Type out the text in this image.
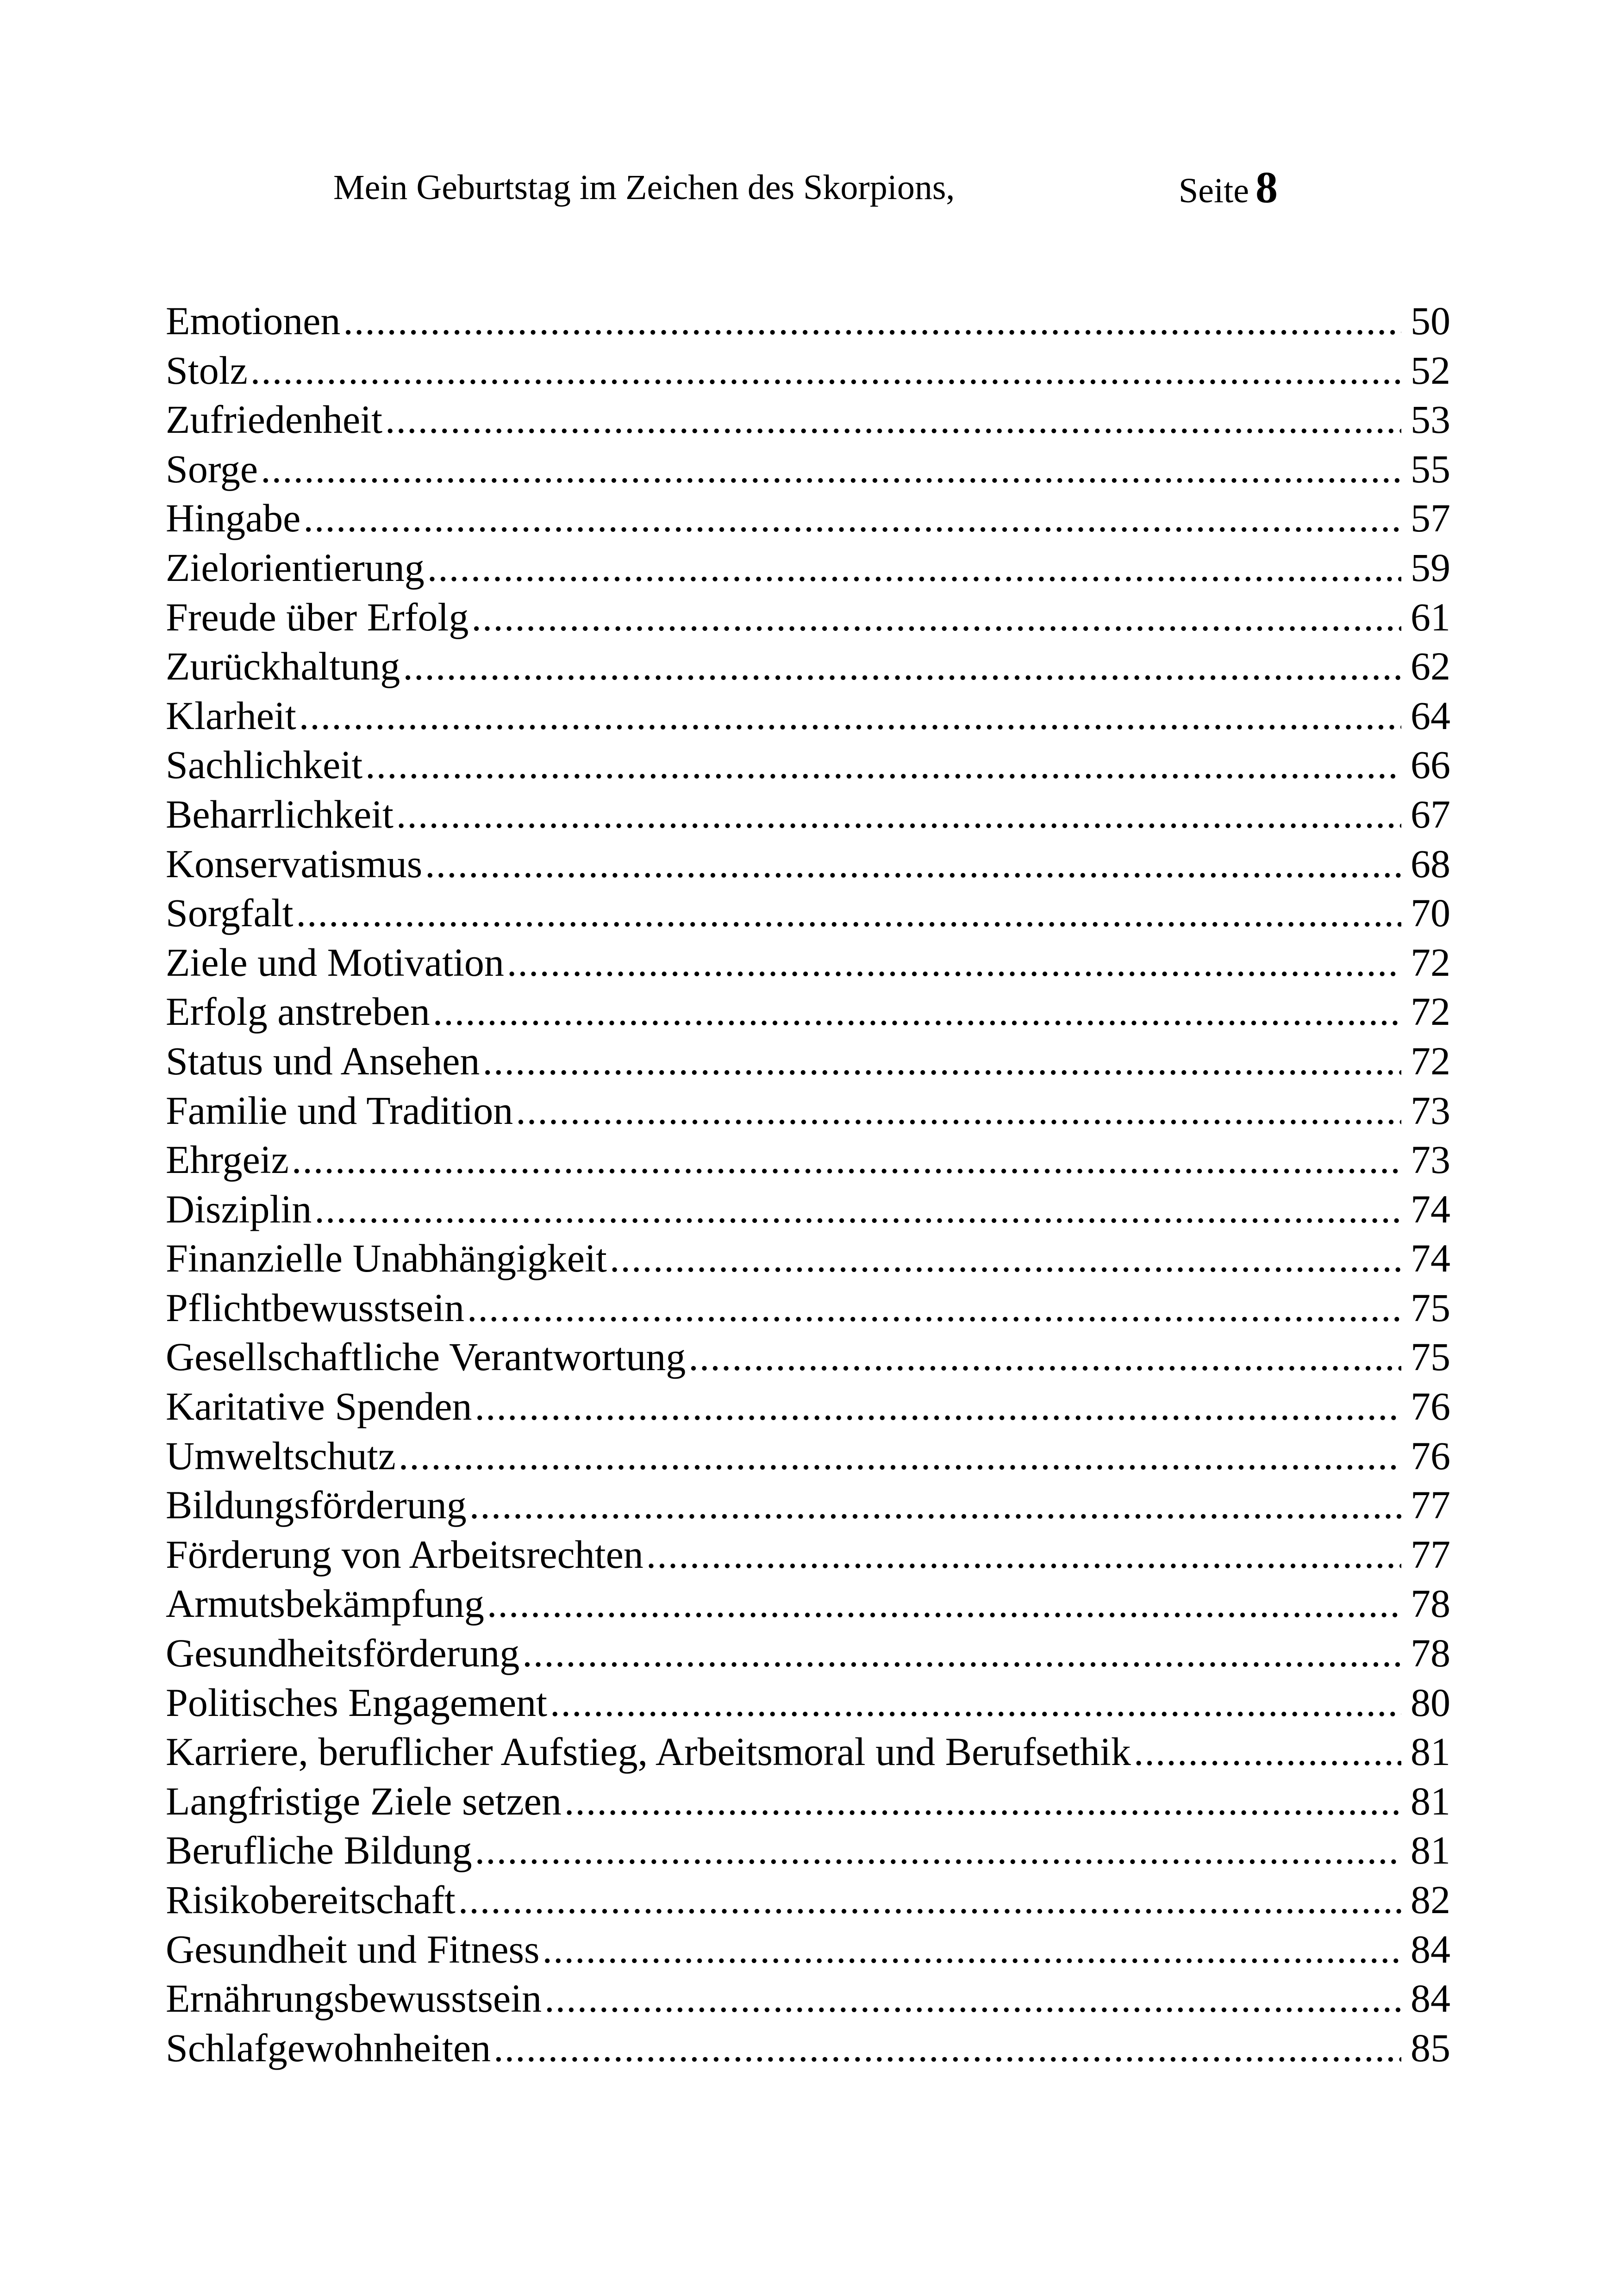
Mein Geburtstag im Zeichen des Skorpions,	Seite 8
Emotionen .....	50
Stolz .....	52
Zufriedenheit .....	53
Sorge .....	55
Hingabe .....	57
Zielorientierung .....	59
Freude über Erfolg .....	61
Zurückhaltung .....	62
Klarheit .....	64
Sachlichkeit .....	66
Beharrlichkeit .....	67
Konservatismus .....	68
Sorgfalt .....	70
Ziele und Motivation .....	72
Erfolg anstreben .....	72
Status und Ansehen .....	72
Familie und Tradition .....	73
Ehrgeiz .....	73
Disziplin .....	74
Finanzielle Unabhängigkeit .....	74
Pflichtbewusstsein .....	75
Gesellschaftliche Verantwortung .....	75
Karitative Spenden .....	76
Umweltschutz .....	76
Bildungsförderung .....	77
Förderung von Arbeitsrechten .....	77
Armutsbekämpfung .....	78
Gesundheitsförderung .....	78
Politisches Engagement .....	80
Karriere, beruflicher Aufstieg, Arbeitsmoral und Berufsethik .....	81
Langfristige Ziele setzen .....	81
Berufliche Bildung .....	81
Risikobereitschaft .....	82
Gesundheit und Fitness .....	84
Ernährungsbewusstsein .....	84
Schlafgewohnheiten .....	85
